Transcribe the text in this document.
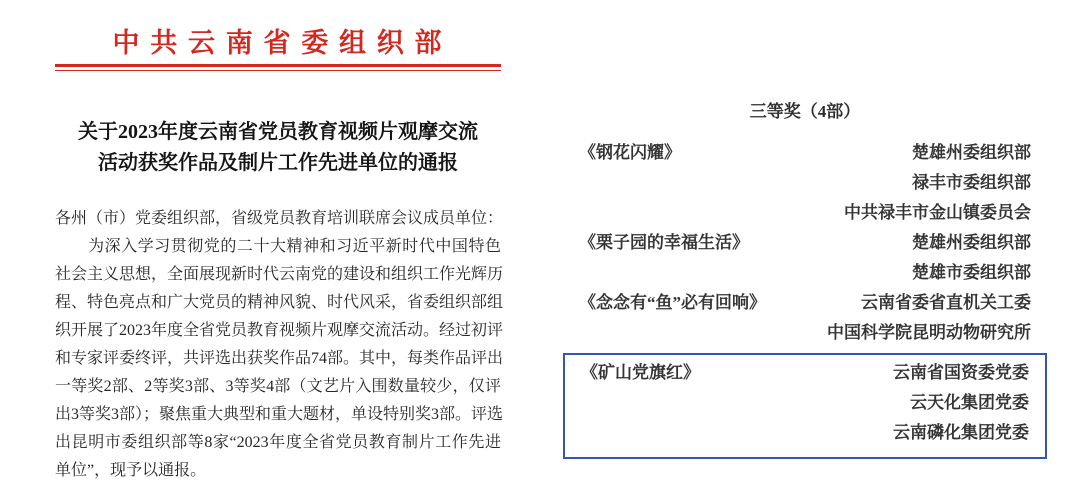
中 共 云 南 省 委 组 织 部
关于2023年度云南省党员教育视频片观摩交流
活动获奖作品及制片工作先进单位的通报
各州（市）党委组织部，省级党员教育培训联席会议成员单位：
　　为深入学习贯彻党的二十大精神和习近平新时代中国特色
社会主义思想，全面展现新时代云南党的建设和组织工作光辉历
程、特色亮点和广大党员的精神风貌、时代风采，省委组织部组
织开展了2023年度全省党员教育视频片观摩交流活动。经过初评
和专家评委终评，共评选出获奖作品74部。其中，每类作品评出
一等奖2部、2等奖3部、3等奖4部（文艺片入围数量较少，仅评
出3等奖3部）；聚焦重大典型和重大题材，单设特别奖3部。评选
出昆明市委组织部等8家“2023年度全省党员教育制片工作先进
单位”，现予以通报。
三等奖（4部）
《钢花闪耀》	楚雄州委组织部
禄丰市委组织部
中共禄丰市金山镇委员会
《栗子园的幸福生活》	楚雄州委组织部
楚雄市委组织部
《念念有“鱼”必有回响》	云南省委省直机关工委
中国科学院昆明动物研究所
《矿山党旗红》	云南省国资委党委
云天化集团党委
云南磷化集团党委
